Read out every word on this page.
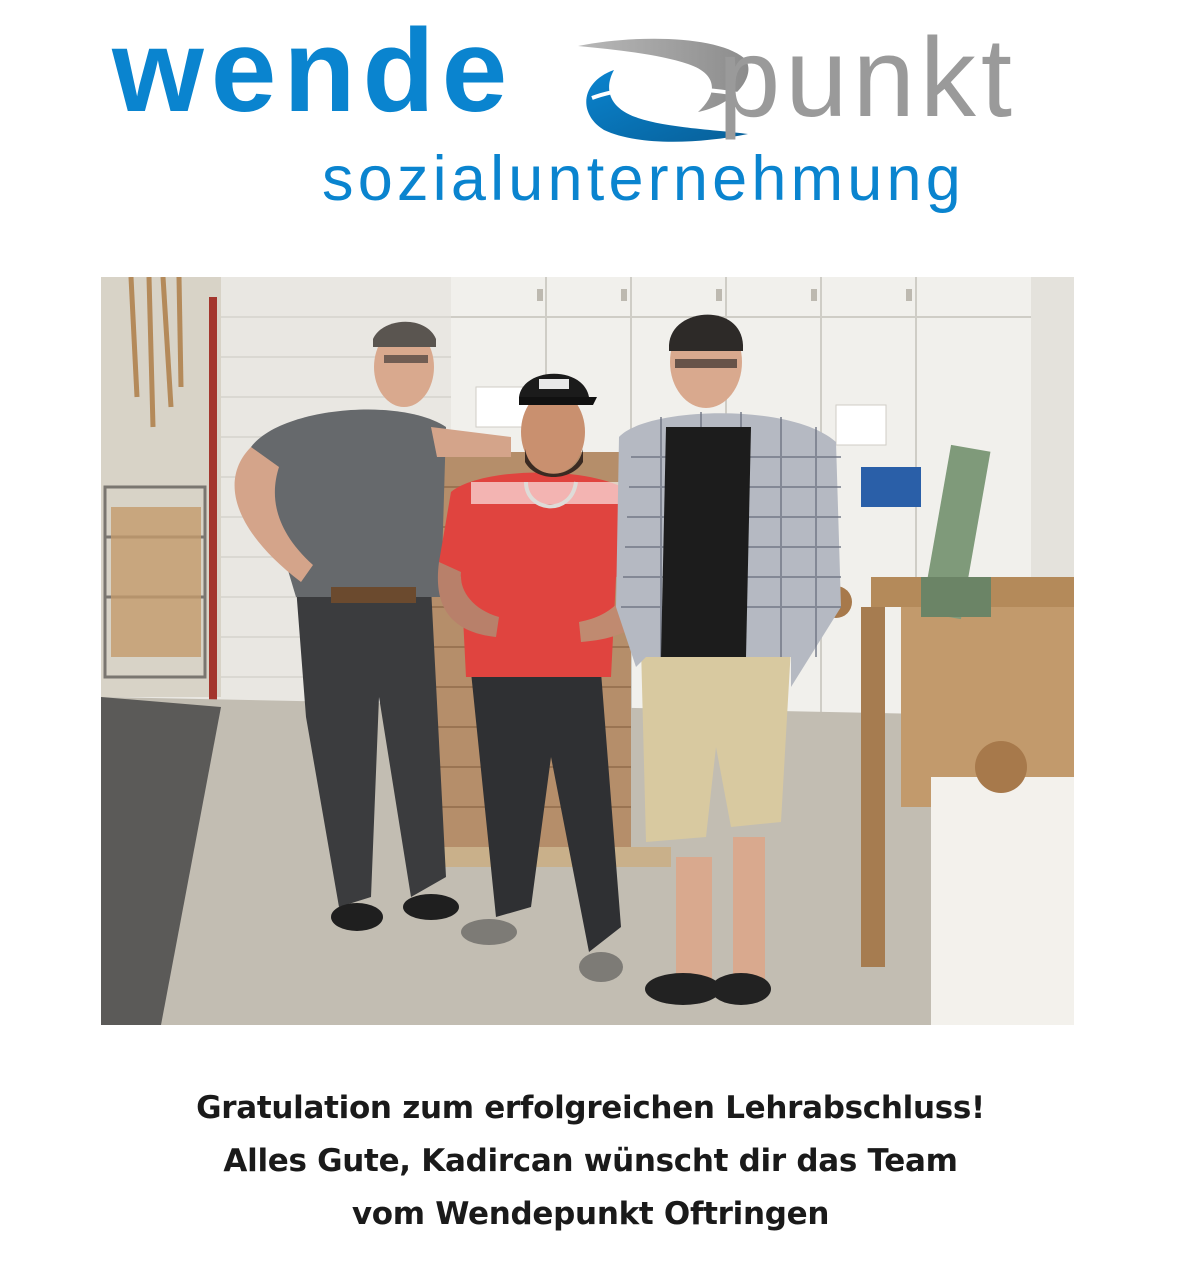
wende punkt
sozialunternehmung
Gratulation zum erfolgreichen Lehrabschluss!
Alles Gute, Kadircan wünscht dir das Team
vom Wendepunkt Oftringen
